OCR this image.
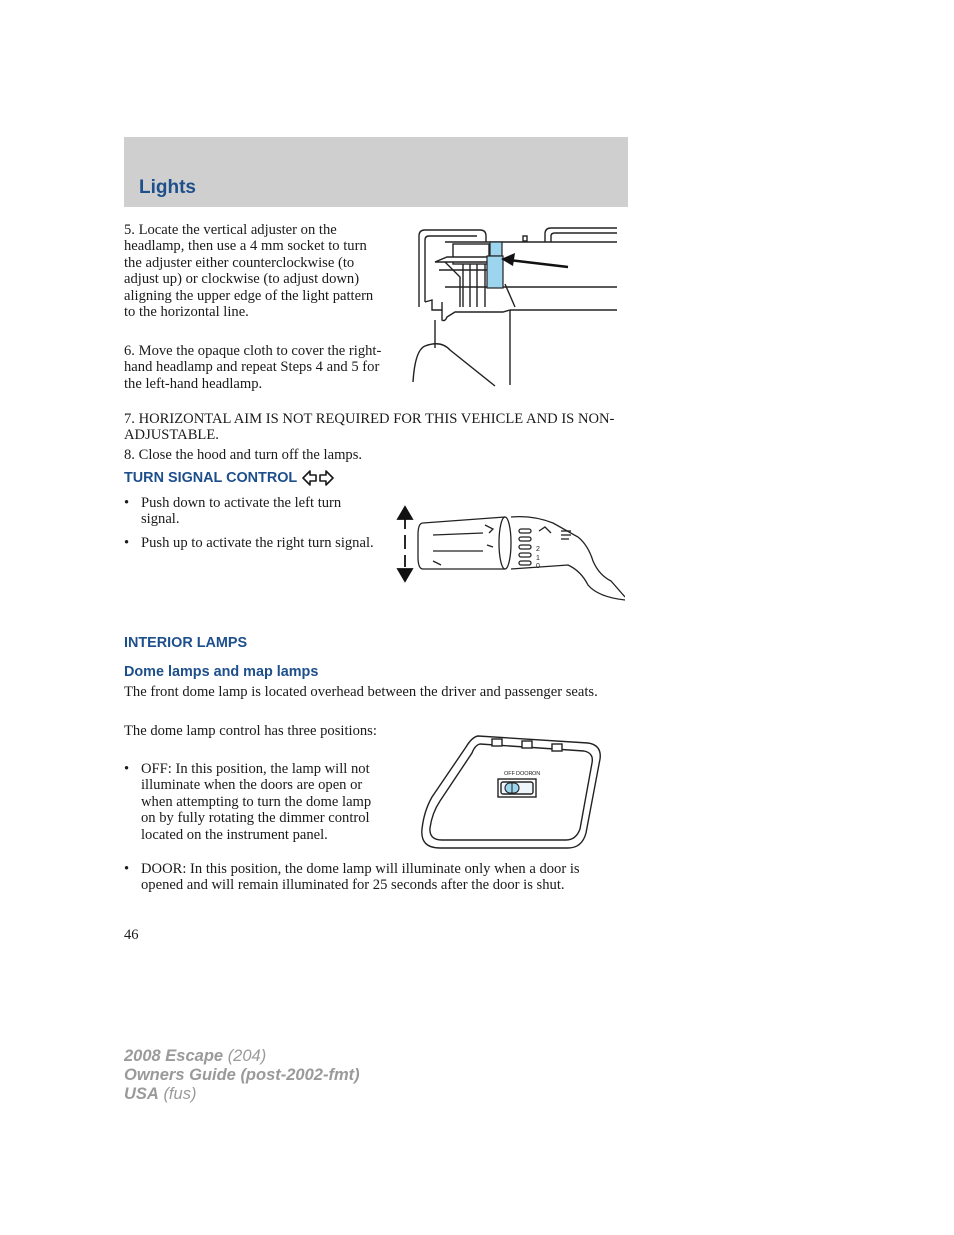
Lights

5. Locate the vertical adjuster on the headlamp, then use a 4 mm socket to turn the adjuster either counterclockwise (to adjust up) or clockwise (to adjust down) aligning the upper edge of the light pattern to the horizontal line.

6. Move the opaque cloth to cover the right-hand headlamp and repeat Steps 4 and 5 for the left-hand headlamp.

7. HORIZONTAL AIM IS NOT REQUIRED FOR THIS VEHICLE AND IS NON-ADJUSTABLE.

8. Close the hood and turn off the lamps.

TURN SIGNAL CONTROL

• Push down to activate the left turn signal.

• Push up to activate the right turn signal.	2
1
0
INTERIOR LAMPS
Dome lamps and map lamps

The front dome lamp is located overhead between the driver and passenger seats.

The dome lamp control has three positions:

• OFF: In this position, the lamp will not illuminate when the doors are open or when attempting to turn the dome lamp on by fully rotating the dimmer control located on the instrument panel.

• DOOR: In this position, the dome lamp will illuminate only when a door is opened and will remain illuminated for 25 seconds after the door is shut.

OFF DOOR ON
46
2008 Escape (204)
Owners Guide (post-2002-fmt)
USA (fus)
